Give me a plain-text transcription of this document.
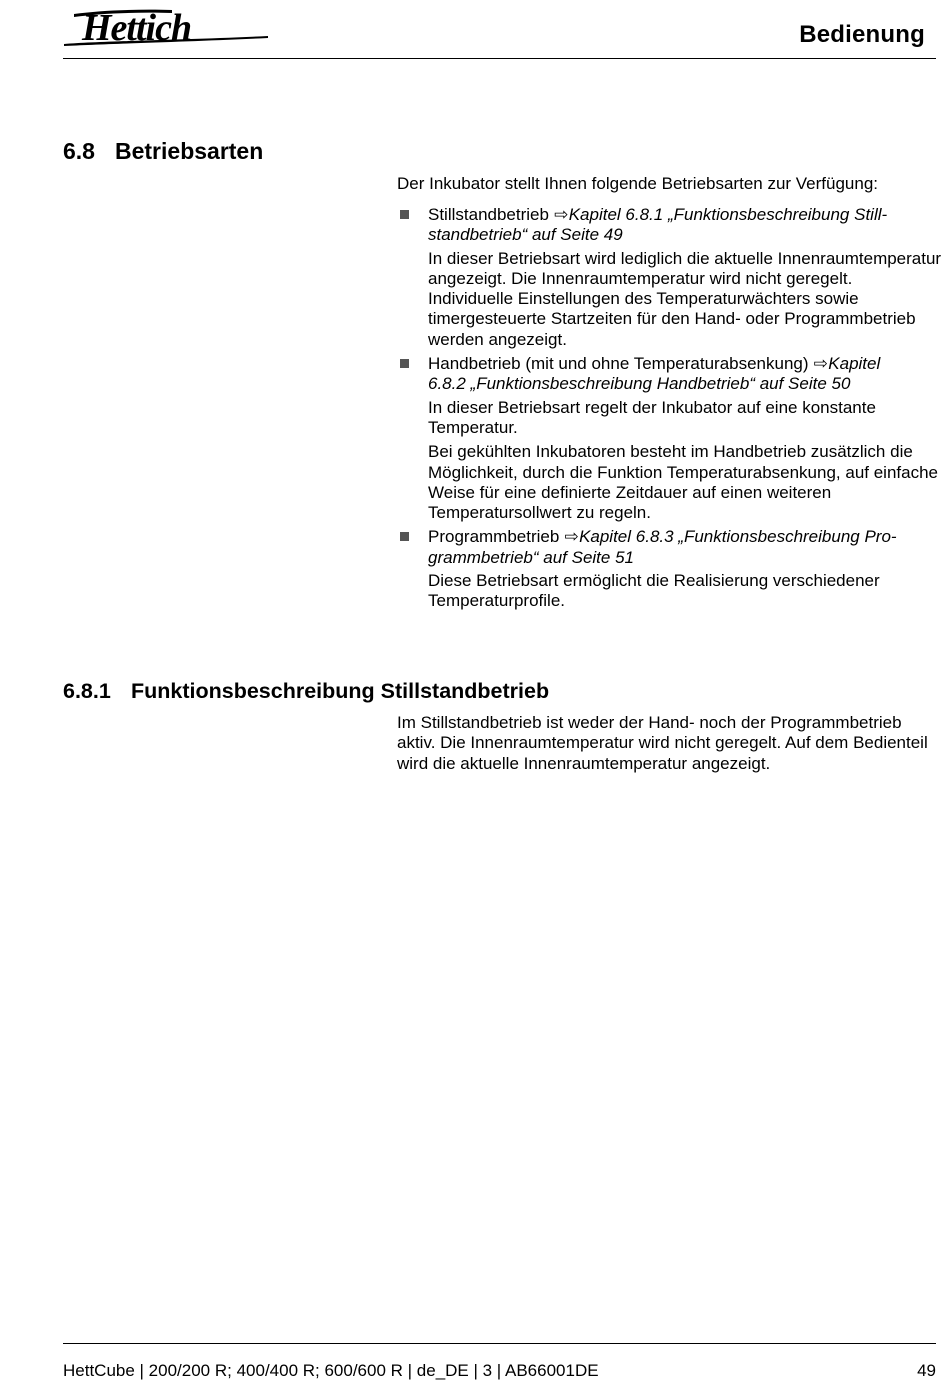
Hettich	Bedienung
6.8 Betriebsarten
Der Inkubator stellt Ihnen folgende Betriebsarten zur Verfügung:

Stillstandbetrieb ⇨Kapitel 6.8.1 „Funktionsbeschreibung Still-
standbetrieb“ auf Seite 49

In dieser Betriebsart wird lediglich die aktuelle Innenraumtemperatur angezeigt. Die Innenraumtemperatur wird nicht geregelt. Individuelle Einstellungen des Temperaturwächters sowie timergesteuerte Startzeiten für den Hand- oder Programmbetrieb werden angezeigt.

Handbetrieb (mit und ohne Temperaturabsenkung) ⇨Kapitel
6.8.2 „Funktionsbeschreibung Handbetrieb“ auf Seite 50

In dieser Betriebsart regelt der Inkubator auf eine konstante Temperatur.

Bei gekühlten Inkubatoren besteht im Handbetrieb zusätzlich die Möglichkeit, durch die Funktion Temperaturabsenkung, auf einfache Weise für eine definierte Zeitdauer auf einen weiteren Temperatursollwert zu regeln.

Programmbetrieb ⇨Kapitel 6.8.3 „Funktionsbeschreibung Pro-
grammbetrieb“ auf Seite 51

Diese Betriebsart ermöglicht die Realisierung verschiedener Temperaturprofile.

6.8.1 Funktionsbeschreibung Stillstandbetrieb
Im Stillstandbetrieb ist weder der Hand- noch der Programmbetrieb aktiv. Die Innenraumtemperatur wird nicht geregelt. Auf dem Bedienteil wird die aktuelle Innenraumtemperatur angezeigt.
HettCube | 200/200 R; 400/400 R; 600/600 R | de_DE | 3 | AB66001DE	49
